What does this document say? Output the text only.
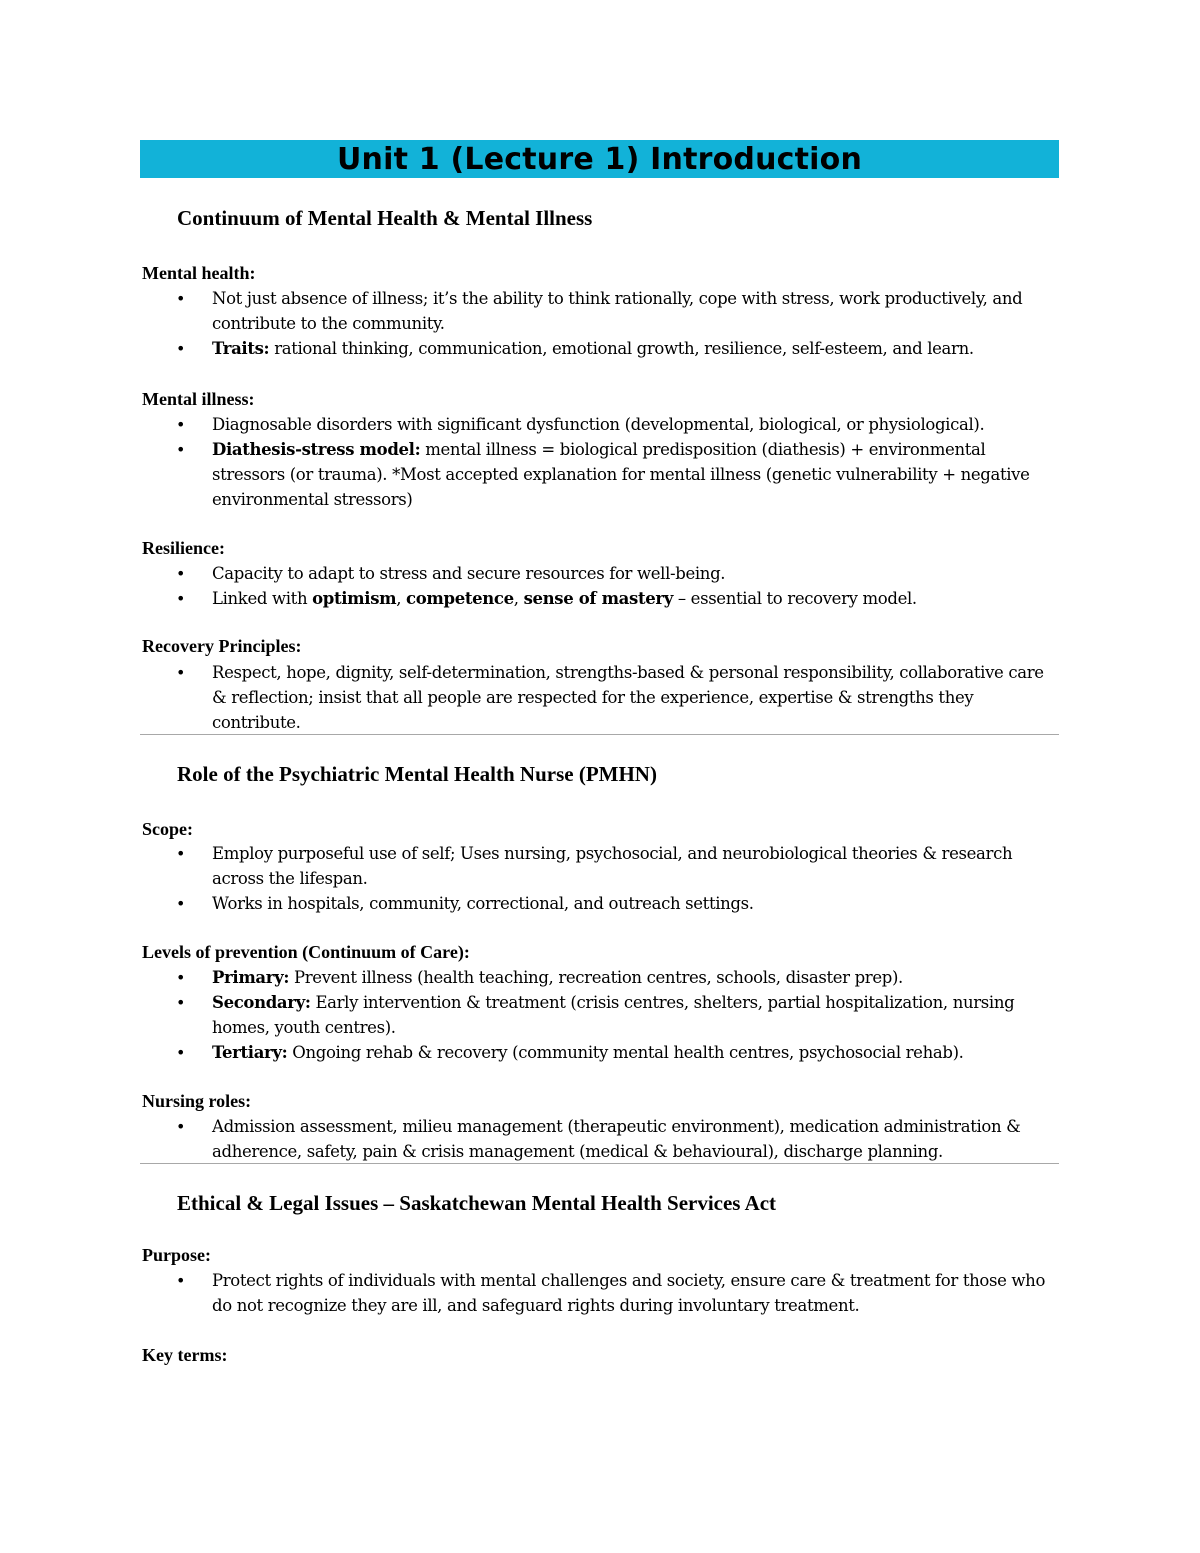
Unit 1 (Lecture 1) Introduction
Continuum of Mental Health & Mental Illness
Mental health:
• Not just absence of illness; it’s the ability to think rationally, cope with stress, work productively, and contribute to the community.
• Traits: rational thinking, communication, emotional growth, resilience, self-esteem, and learn.
Mental illness:
• Diagnosable disorders with significant dysfunction (developmental, biological, or physiological).
• Diathesis-stress model: mental illness = biological predisposition (diathesis) + environmental stressors (or trauma). *Most accepted explanation for mental illness (genetic vulnerability + negative environmental stressors)
Resilience:
• Capacity to adapt to stress and secure resources for well-being.
• Linked with optimism, competence, sense of mastery – essential to recovery model.
Recovery Principles:
• Respect, hope, dignity, self-determination, strengths-based & personal responsibility, collaborative care & reflection; insist that all people are respected for the experience, expertise & strengths they contribute.
Role of the Psychiatric Mental Health Nurse (PMHN)
Scope:
• Employ purposeful use of self; Uses nursing, psychosocial, and neurobiological theories & research across the lifespan.
• Works in hospitals, community, correctional, and outreach settings.
Levels of prevention (Continuum of Care):
• Primary: Prevent illness (health teaching, recreation centres, schools, disaster prep).
• Secondary: Early intervention & treatment (crisis centres, shelters, partial hospitalization, nursing homes, youth centres).
• Tertiary: Ongoing rehab & recovery (community mental health centres, psychosocial rehab).
Nursing roles:
• Admission assessment, milieu management (therapeutic environment), medication administration & adherence, safety, pain & crisis management (medical & behavioural), discharge planning.
Ethical & Legal Issues – Saskatchewan Mental Health Services Act
Purpose:
• Protect rights of individuals with mental challenges and society, ensure care & treatment for those who do not recognize they are ill, and safeguard rights during involuntary treatment.
Key terms:
